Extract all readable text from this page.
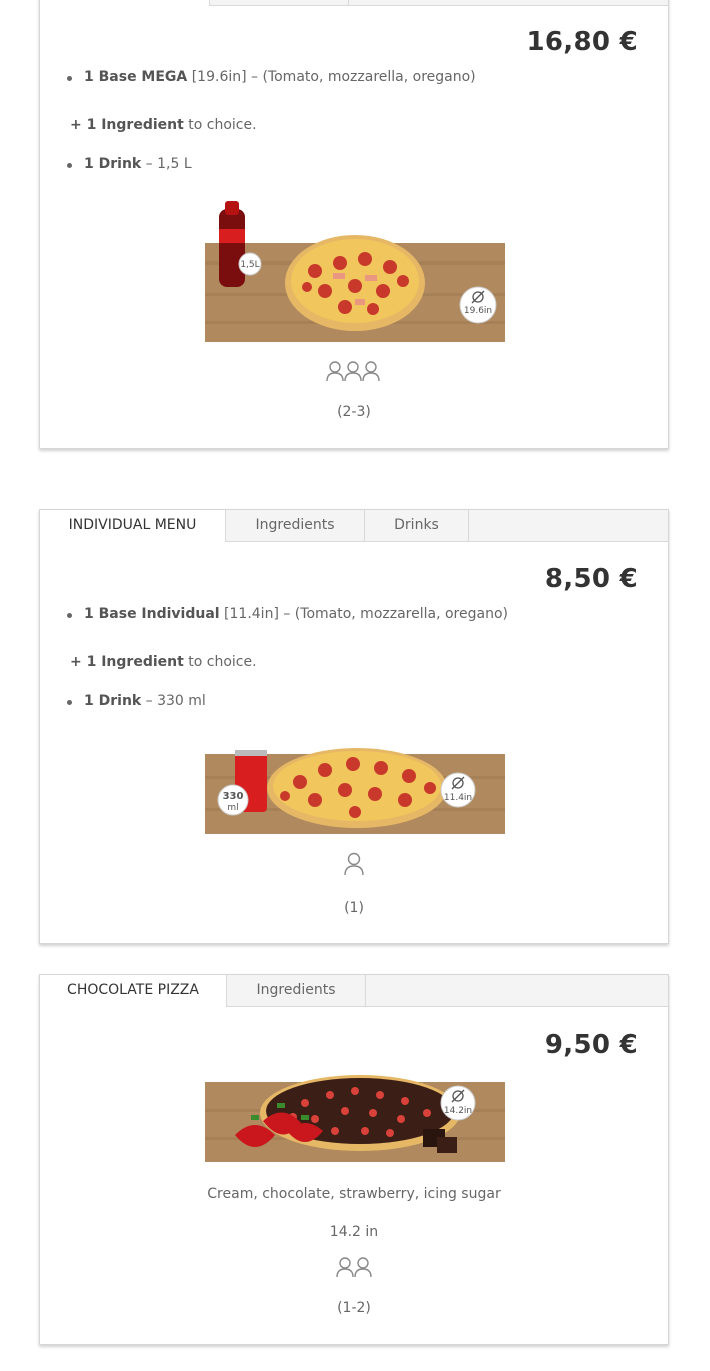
16,80 €
1 Base MEGA [19.6in] – (Tomato, mozzarella, oregano)
+ 1 Ingredient to choice.
1 Drink – 1,5 L
1,5L
19.6in
(2-3)
INDIVIDUAL MENU	Ingredients	Drinks
8,50 €
1 Base Individual [11.4in] – (Tomato, mozzarella, oregano)
+ 1 Ingredient to choice.
1 Drink – 330 ml
330
ml
11.4in
(1)
CHOCOLATE PIZZA	Ingredients
9,50 €
14.2in
Cream, chocolate, strawberry, icing sugar
14.2 in
(1-2)
